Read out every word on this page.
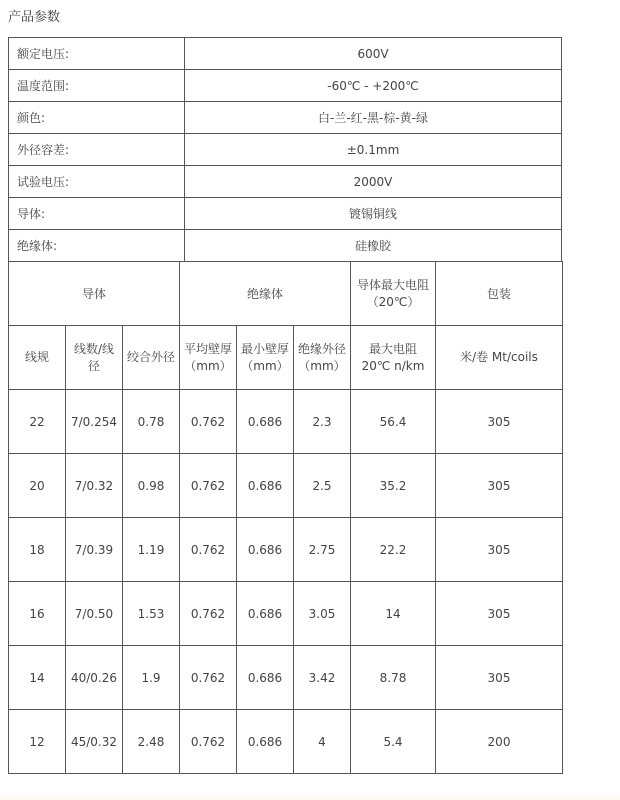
产品参数
额定电压:	600V
温度范围:	-60℃ - +200℃
颜色:	白-兰-红-黑-棕-黄-绿
外径容差:	±0.1mm
试验电压:	2000V
导体:	镀锡铜线
绝缘体:	硅橡胶
导体			绝缘体			导体最大电阻（20℃）	包装
线规	线数/线径	绞合外径	平均壁厚（mm）	最小壁厚（mm）	绝缘外径（mm）	最大电阻 20℃ n/km	米/卷 Mt/coils
22	7/0.254	0.78	0.762	0.686	2.3	56.4	305
20	7/0.32	0.98	0.762	0.686	2.5	35.2	305
18	7/0.39	1.19	0.762	0.686	2.75	22.2	305
16	7/0.50	1.53	0.762	0.686	3.05	14	305
14	40/0.26	1.9	0.762	0.686	3.42	8.78	305
12	45/0.32	2.48	0.762	0.686	4	5.4	200
